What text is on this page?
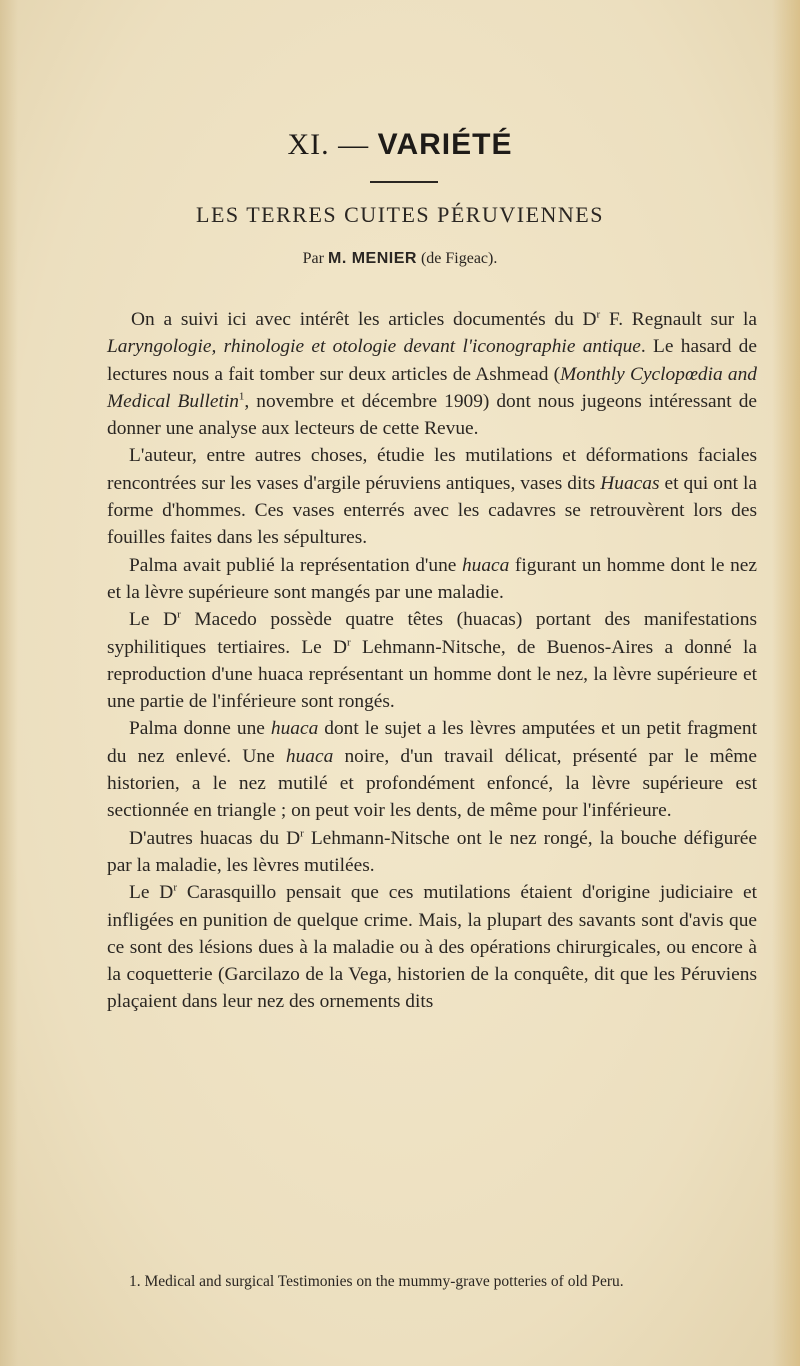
XI. — VARIÉTÉ
LES TERRES CUITES PÉRUVIENNES
Par M. MENIER (de Figeac).

On a suivi ici avec intérêt les articles documentés du $D^r$ F. Regnault sur la Laryngologie, rhinologie et otologie devant l'iconographie antique. Le hasard de lectures nous a fait tomber sur deux articles de Ashmead (Monthly Cyclopœdia and Medical Bulletin$^1$, novembre et décembre 1909) dont nous jugeons intéressant de donner une analyse aux lecteurs de cette Revue.

L'auteur, entre autres choses, étudie les mutilations et déformations faciales rencontrées sur les vases d'argile péruviens antiques, vases dits Huacas et qui ont la forme d'hommes. Ces vases enterrés avec les cadavres se retrouvèrent lors des fouilles faites dans les sépultures.

Palma avait publié la représentation d'une huaca figurant un homme dont le nez et la lèvre supérieure sont mangés par une maladie.

Le $D^r$ Macedo possède quatre têtes (huacas) portant des manifestations syphilitiques tertiaires. Le $D^r$ Lehmann-Nitsche, de Buenos-Aires a donné la reproduction d'une huaca représentant un homme dont le nez, la lèvre supérieure et une partie de l'inférieure sont rongés.

Palma donne une huaca dont le sujet a les lèvres amputées et un petit fragment du nez enlevé. Une huaca noire, d'un travail délicat, présenté par le même historien, a le nez mutilé et profondément enfoncé, la lèvre supérieure est sectionnée en triangle ; on peut voir les dents, de même pour l'inférieure.

D'autres huacas du $D^r$ Lehmann-Nitsche ont le nez rongé, la bouche défigurée par la maladie, les lèvres mutilées.

Le $D^r$ Carasquillo pensait que ces mutilations étaient d'origine judiciaire et infligées en punition de quelque crime. Mais, la plupart des savants sont d'avis que ce sont des lésions dues à la maladie ou à des opérations chirurgicales, ou encore à la coquetterie (Garcilazo de la Vega, historien de la conquête, dit que les Péruviens plaçaient dans leur nez des ornements dits

1. Medical and surgical Testimonies on the mummy-grave potteries of old Peru.
